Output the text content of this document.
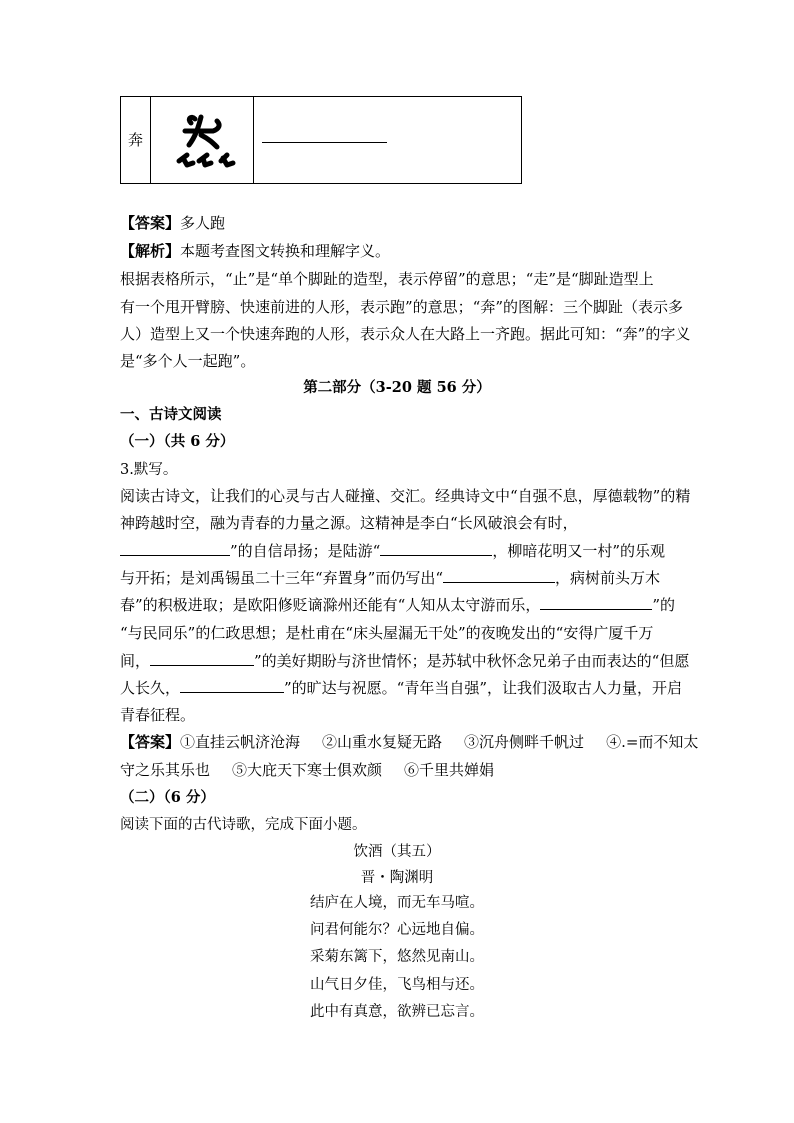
奔
【答案】多人跑
【解析】本题考查图文转换和理解字义。
根据表格所示，“止”是“单个脚趾的造型，表示停留”的意思；“走”是“脚趾造型上
有一个甩开臂膀、快速前进的人形，表示跑”的意思；“奔”的图解：三个脚趾（表示多
人）造型上又一个快速奔跑的人形，表示众人在大路上一齐跑。据此可知：“奔”的字义
是“多个人一起跑”。
第二部分（3-20 题 56 分）
一、古诗文阅读
（一）（共 6 分）
3.默写。
阅读古诗文，让我们的心灵与古人碰撞、交汇。经典诗文中“自强不息，厚德载物”的精
神跨越时空，融为青春的力量之源。这精神是李白“长风破浪会有时，
”的自信昂扬；是陆游“	，柳暗花明又一村”的乐观
与开拓；是刘禹锡虽二十三年“弃置身”而仍写出“	，病树前头万木
春”的积极进取；是欧阳修贬谪滁州还能有“人知从太守游而乐，	”的
“与民同乐”的仁政思想；是杜甫在“床头屋漏无干处”的夜晚发出的“安得广厦千万
间，	”的美好期盼与济世情怀；是苏轼中秋怀念兄弟子由而表达的“但愿
人长久，	”的旷达与祝愿。“青年当自强”，让我们汲取古人力量，开启
青春征程。
【答案】①直挂云帆济沧海 ②山重水复疑无路 ③沉舟侧畔千帆过 ④.=而不知太
守之乐其乐也 ⑤大庇天下寒士俱欢颜 ⑥千里共婵娟
（二）（6 分）
阅读下面的古代诗歌，完成下面小题。
饮酒（其五）
晋・陶渊明
结庐在人境，而无车马喧。
问君何能尔？心远地自偏。
采菊东篱下，悠然见南山。
山气日夕佳，飞鸟相与还。
此中有真意，欲辨已忘言。
